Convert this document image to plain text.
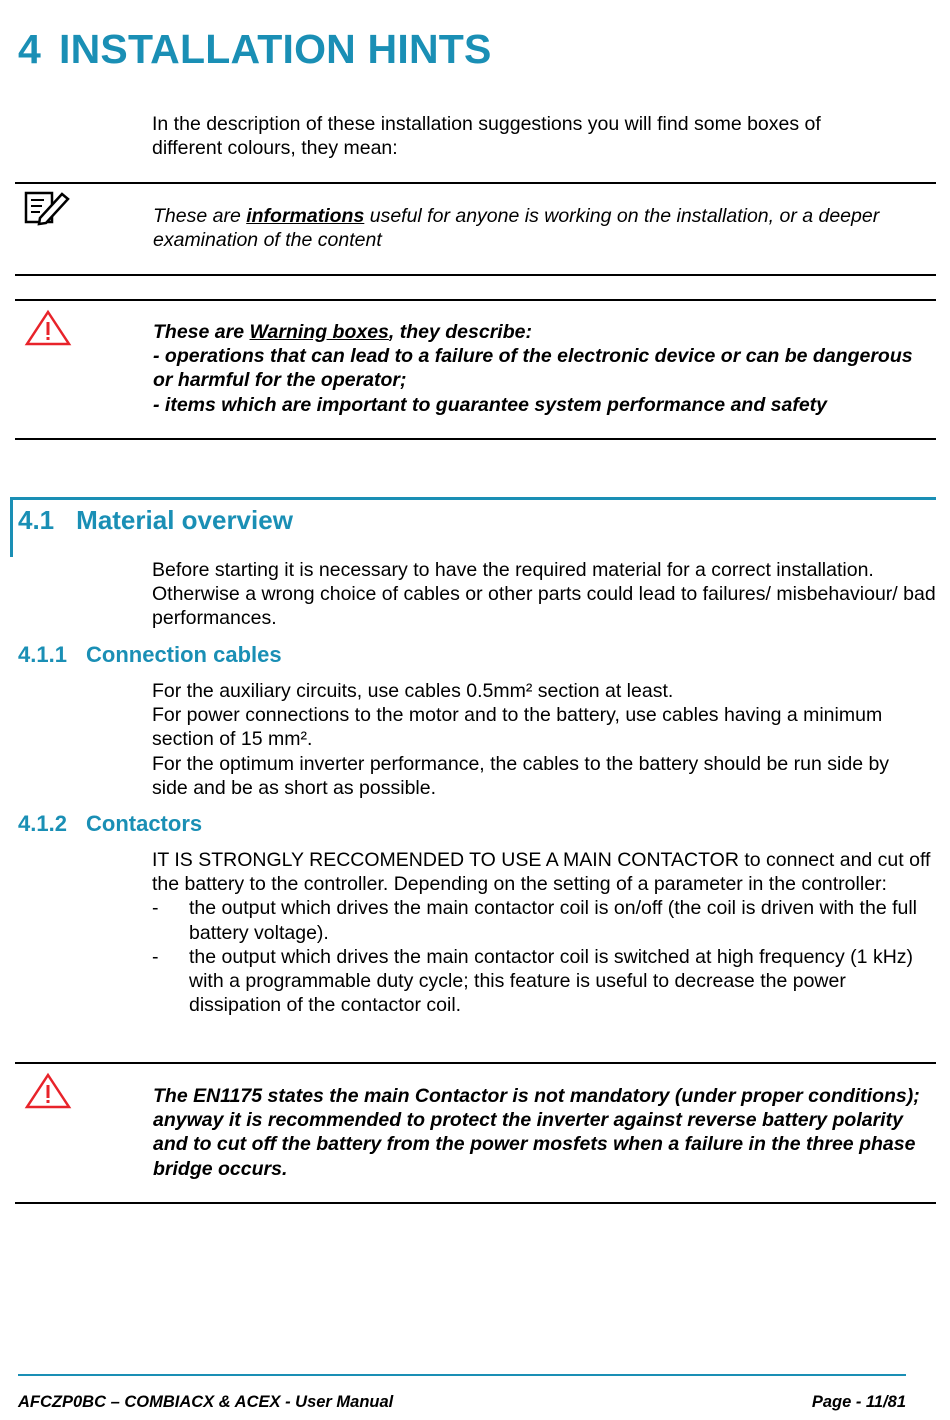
4 INSTALLATION HINTS
In the description of these installation suggestions you will find some boxes of different colours, they mean:
These are informations useful for anyone is working on the installation, or a deeper examination of the content
These are Warning boxes, they describe:
- operations that can lead to a failure of the electronic device or can be dangerous or harmful for the operator;
- items which are important to guarantee system performance and safety
4.1 Material overview
Before starting it is necessary to have the required material for a correct installation. Otherwise a wrong choice of cables or other parts could lead to failures/ misbehaviour/ bad performances.
4.1.1 Connection cables
For the auxiliary circuits, use cables 0.5mm² section at least.
For power connections to the motor and to the battery, use cables having a minimum section of 15 mm².
For the optimum inverter performance, the cables to the battery should be run side by side and be as short as possible.
4.1.2 Contactors
IT IS STRONGLY RECCOMENDED TO USE A MAIN CONTACTOR to connect and cut off the battery to the controller. Depending on the setting of a parameter in the controller:
- the output which drives the main contactor coil is on/off (the coil is driven with the full battery voltage).
- the output which drives the main contactor coil is switched at high frequency (1 kHz) with a programmable duty cycle; this feature is useful to decrease the power dissipation of the contactor coil.
The EN1175 states the main Contactor is not mandatory (under proper conditions); anyway it is recommended to protect the inverter against reverse battery polarity and to cut off the battery from the power mosfets when a failure in the three phase bridge occurs.
AFCZP0BC – COMBIACX & ACEX - User Manual	Page - 11/81
